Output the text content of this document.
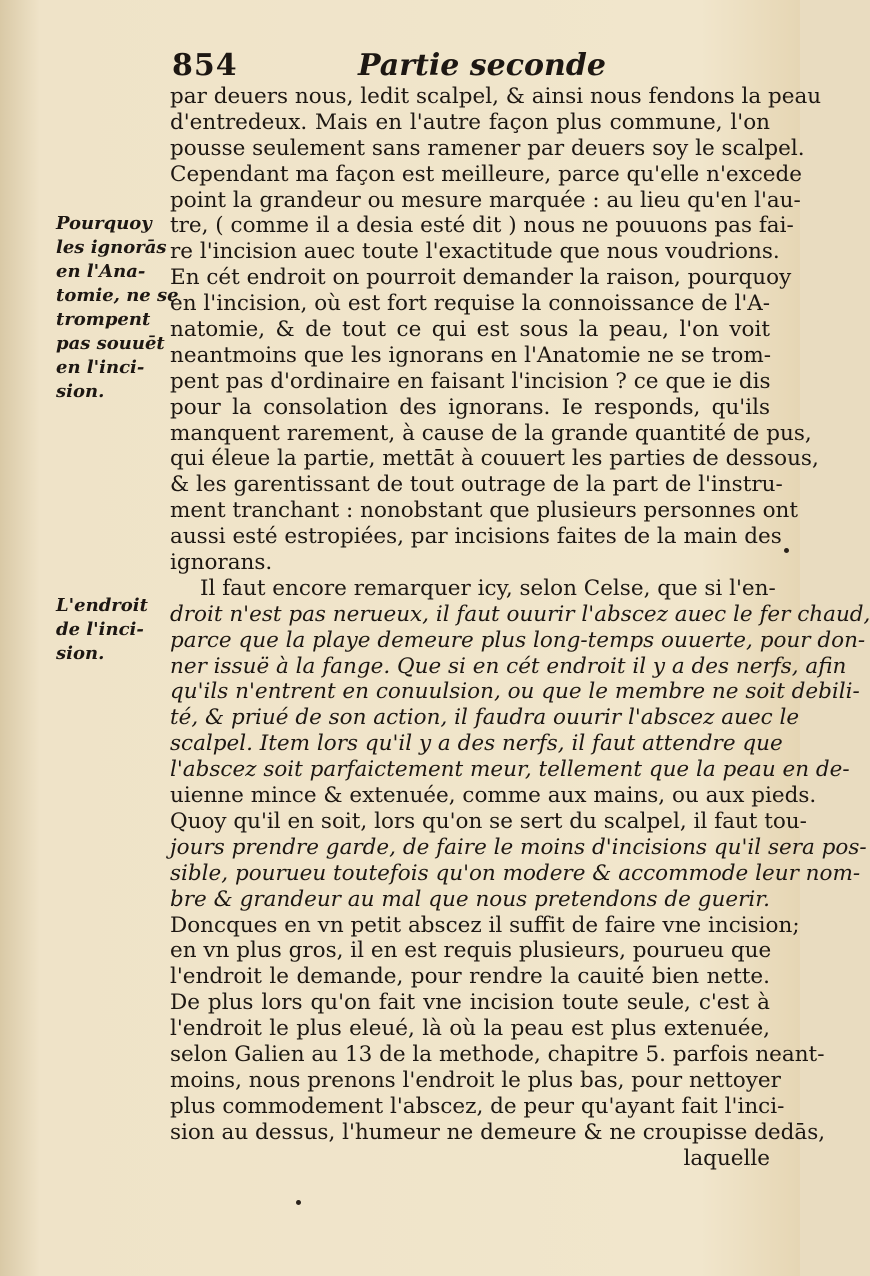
854	Partie seconde
Pourquoy
les ignorās
en l'Ana-
tomie, ne se
trompent
pas souuēt
en l'inci-
sion.
L'endroit
de l'inci-
sion.
par deuers nous, ledit scalpel, & ainsi nous fendons la peau
d'entredeux. Mais en l'autre façon plus commune, l'on
pousse seulement sans ramener par deuers soy le scalpel.
Cependant ma façon est meilleure, parce qu'elle n'excede
point la grandeur ou mesure marquée : au lieu qu'en l'au-
tre, ( comme il a desia esté dit ) nous ne pouuons pas fai-
re l'incision auec toute l'exactitude que nous voudrions.
En cét endroit on pourroit demander la raison, pourquoy
en l'incision, où est fort requise la connoissance de l'A-
natomie, & de tout ce qui est sous la peau, l'on voit
neantmoins que les ignorans en l'Anatomie ne se trom-
pent pas d'ordinaire en faisant l'incision ? ce que ie dis
pour la consolation des ignorans. Ie responds, qu'ils
manquent rarement, à cause de la grande quantité de pus,
qui éleue la partie, mettāt à couuert les parties de dessous,
& les garentissant de tout outrage de la part de l'instru-
ment tranchant : nonobstant que plusieurs personnes ont
aussi esté estropiées, par incisions faites de la main des
ignorans.
Il faut encore remarquer icy, selon Celse, que si l'en-
droit n'est pas nerueux, il faut ouurir l'abscez auec le fer chaud,
parce que la playe demeure plus long-temps ouuerte, pour don-
ner issuë à la fange. Que si en cét endroit il y a des nerfs, afin
qu'ils n'entrent en conuulsion, ou que le membre ne soit debili-
té, & priué de son action, il faudra ouurir l'abscez auec le
scalpel. Item lors qu'il y a des nerfs, il faut attendre que
l'abscez soit parfaictement meur, tellement que la peau en de-
uienne mince & extenuée, comme aux mains, ou aux pieds.
Quoy qu'il en soit, lors qu'on se sert du scalpel, il faut tou-
jours prendre garde, de faire le moins d'incisions qu'il sera pos-
sible, pourueu toutefois qu'on modere & accommode leur nom-
bre & grandeur au mal que nous pretendons de guerir.
Doncques en vn petit abscez il suffit de faire vne incision;
en vn plus gros, il en est requis plusieurs, pourueu que
l'endroit le demande, pour rendre la cauité bien nette.
De plus lors qu'on fait vne incision toute seule, c'est à
l'endroit le plus eleué, là où la peau est plus extenuée,
selon Galien au 13 de la methode, chapitre 5. parfois neant-
moins, nous prenons l'endroit le plus bas, pour nettoyer
plus commodement l'abscez, de peur qu'ayant fait l'inci-
sion au dessus, l'humeur ne demeure & ne croupisse dedās,
laquelle
